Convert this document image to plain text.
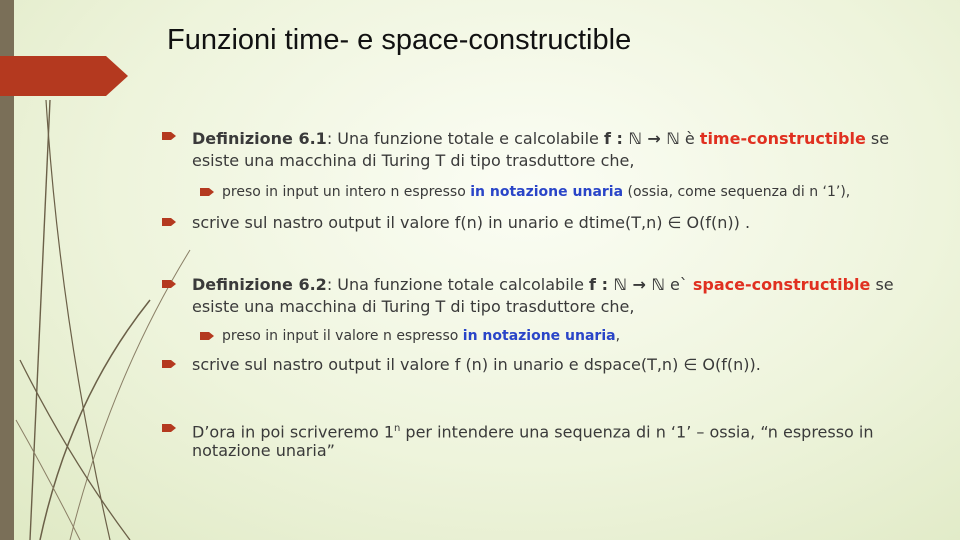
Funzioni time- e space-constructible
Definizione 6.1: Una funzione totale e calcolabile f : ℕ → ℕ è time-constructible se
esiste una macchina di Turing T di tipo trasduttore che,
preso in input un intero n espresso in notazione unaria (ossia, come sequenza di n ‘1’),
scrive sul nastro output il valore f(n) in unario e dtime(T,n) ∈ O(f(n)) .
Definizione 6.2: Una funzione totale calcolabile f : ℕ → ℕ e` space-constructible se
esiste una macchina di Turing T di tipo trasduttore che,
preso in input il valore n espresso in notazione unaria,
scrive sul nastro output il valore f (n) in unario e dspace(T,n) ∈ O(f(n)).
D’ora in poi scriveremo 1$^n$ per intendere una sequenza di n ‘1’ – ossia, “n espresso in
notazione unaria”
